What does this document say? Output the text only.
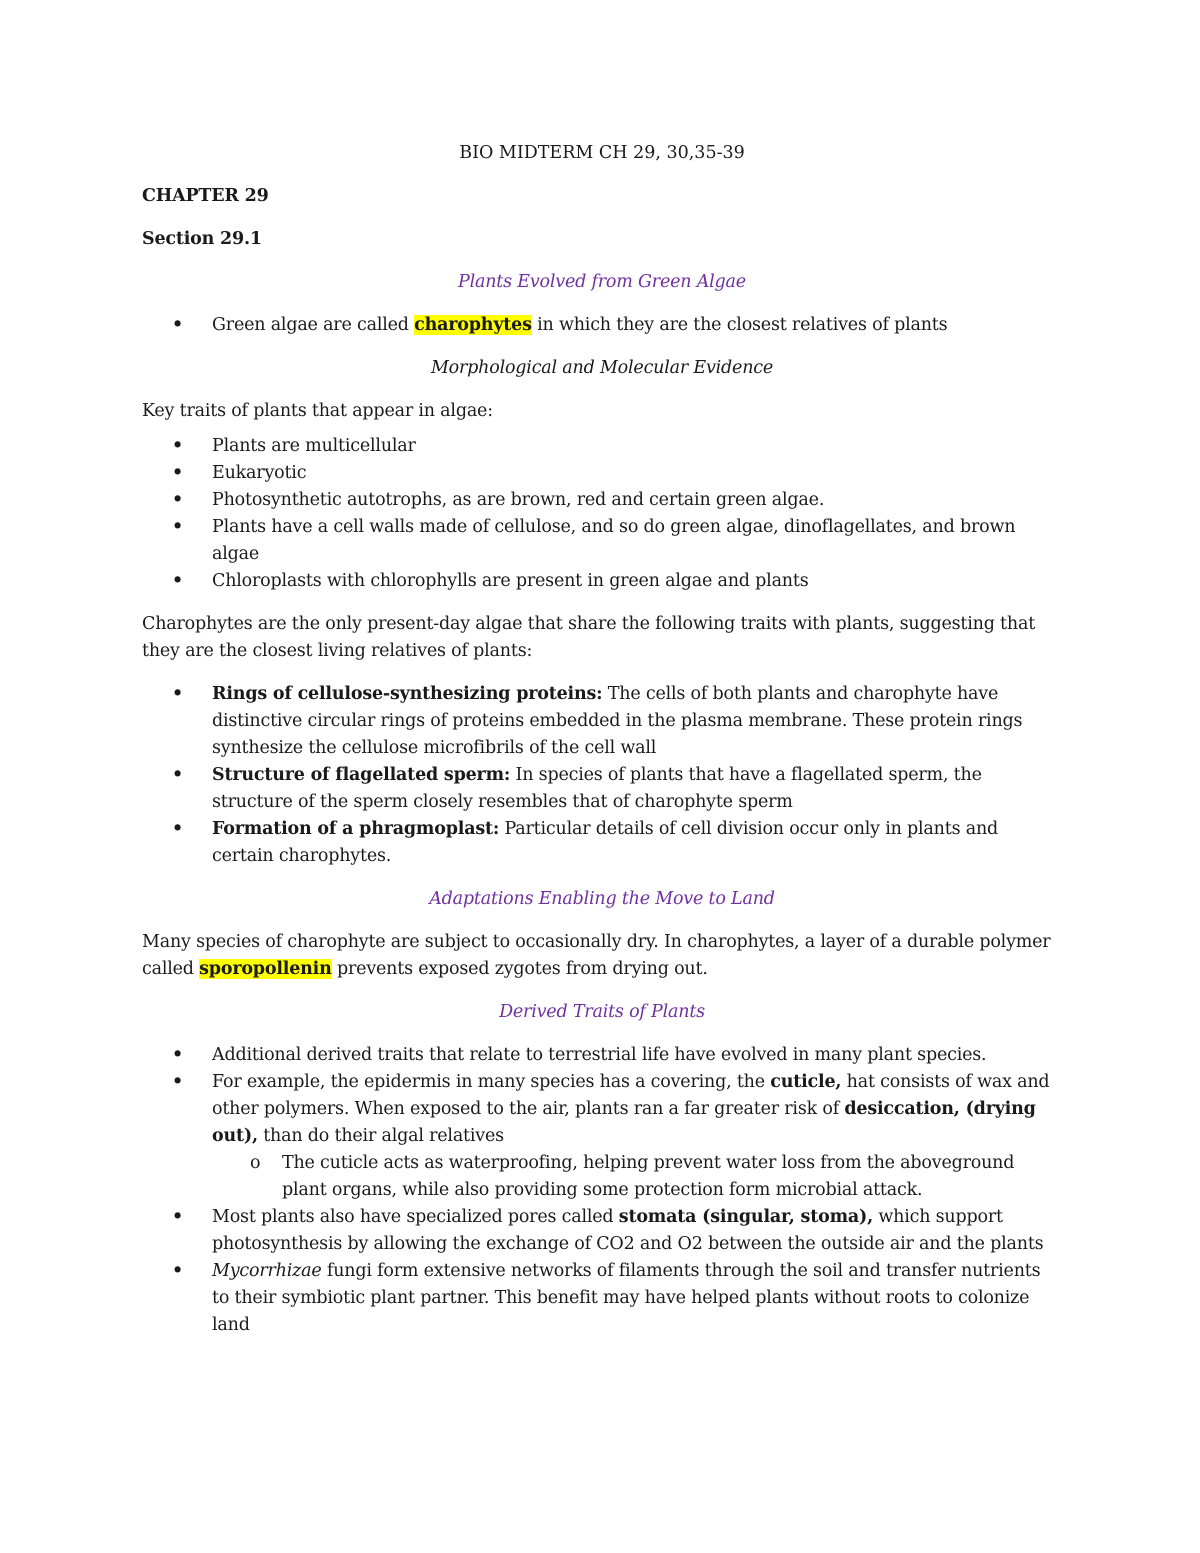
BIO MIDTERM CH 29, 30,35-39

CHAPTER 29

Section 29.1

Plants Evolved from Green Algae

• Green algae are called charophytes in which they are the closest relatives of plants

Morphological and Molecular Evidence

Key traits of plants that appear in algae:

• Plants are multicellular
• Eukaryotic
• Photosynthetic autotrophs, as are brown, red and certain green algae.
• Plants have a cell walls made of cellulose, and so do green algae, dinoflagellates, and brown algae
• Chloroplasts with chlorophylls are present in green algae and plants

Charophytes are the only present-day algae that share the following traits with plants, suggesting that they are the closest living relatives of plants:

• Rings of cellulose-synthesizing proteins: The cells of both plants and charophyte have distinctive circular rings of proteins embedded in the plasma membrane. These protein rings synthesize the cellulose microfibrils of the cell wall
• Structure of flagellated sperm: In species of plants that have a flagellated sperm, the structure of the sperm closely resembles that of charophyte sperm
• Formation of a phragmoplast: Particular details of cell division occur only in plants and certain charophytes.

Adaptations Enabling the Move to Land

Many species of charophyte are subject to occasionally dry. In charophytes, a layer of a durable polymer called sporopollenin prevents exposed zygotes from drying out.

Derived Traits of Plants

• Additional derived traits that relate to terrestrial life have evolved in many plant species.
• For example, the epidermis in many species has a covering, the cuticle, hat consists of wax and other polymers. When exposed to the air, plants ran a far greater risk of desiccation, (drying out), than do their algal relatives
o The cuticle acts as waterproofing, helping prevent water loss from the aboveground plant organs, while also providing some protection form microbial attack.
• Most plants also have specialized pores called stomata (singular, stoma), which support photosynthesis by allowing the exchange of CO2 and O2 between the outside air and the plants
• Mycorrhizae fungi form extensive networks of filaments through the soil and transfer nutrients to their symbiotic plant partner. This benefit may have helped plants without roots to colonize land
